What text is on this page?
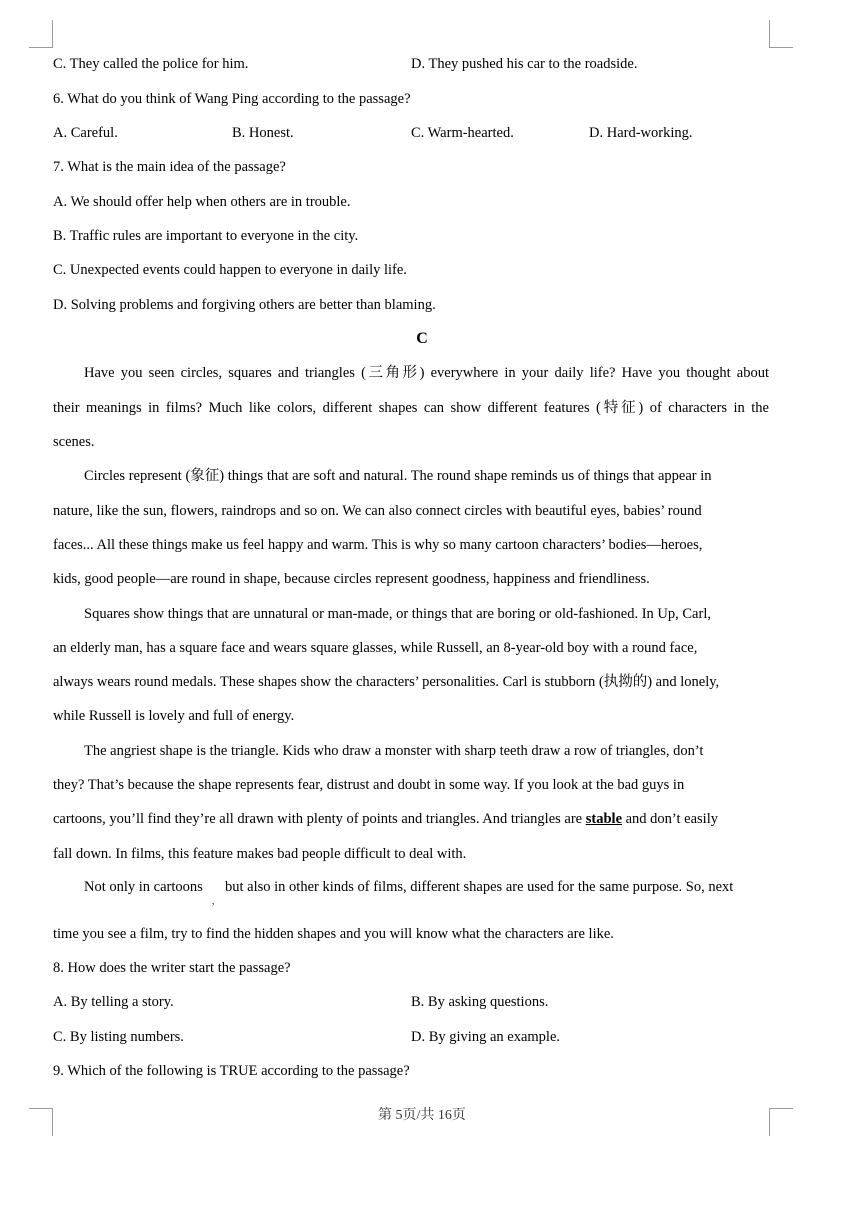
C. They called the police for him.	D. They pushed his car to the roadside.
6. What do you think of Wang Ping according to the passage?
A. Careful.	B. Honest.	C. Warm-hearted.	D. Hard-working.
7. What is the main idea of the passage?
A. We should offer help when others are in trouble.
B. Traffic rules are important to everyone in the city.
C. Unexpected events could happen to everyone in daily life.
D. Solving problems and forgiving others are better than blaming.
C
Have you seen circles, squares and triangles (三角形) everywhere in your daily life? Have you thought about
their meanings in films? Much like colors, different shapes can show different features (特征) of characters in the
scenes.
Circles represent (象征) things that are soft and natural. The round shape reminds us of things that appear in
nature, like the sun, flowers, raindrops and so on. We can also connect circles with beautiful eyes, babies’ round
faces... All these things make us feel happy and warm. This is why so many cartoon characters’ bodies—heroes,
kids, good people—are round in shape, because circles represent goodness, happiness and friendliness.
Squares show things that are unnatural or man-made, or things that are boring or old-fashioned. In Up, Carl,
an elderly man, has a square face and wears square glasses, while Russell, an 8-year-old boy with a round face,
always wears round medals. These shapes show the characters’ personalities. Carl is stubborn (执拗的) and lonely,
while Russell is lovely and full of energy.
The angriest shape is the triangle. Kids who draw a monster with sharp teeth draw a row of triangles, don’t
they? That’s because the shape represents fear, distrust and doubt in some way. If you look at the bad guys in
cartoons, you’ll find they’re all drawn with plenty of points and triangles. And triangles are stable and don’t easily
fall down. In films, this feature makes bad people difficult to deal with.
Not only in cartoons
,
but also in other kinds of films, different shapes are used for the same purpose. So, next
time you see a film, try to find the hidden shapes and you will know what the characters are like.
8. How does the writer start the passage?
A. By telling a story.	B. By asking questions.
C. By listing numbers.	D. By giving an example.
9. Which of the following is TRUE according to the passage?
第 5页/共 16页
